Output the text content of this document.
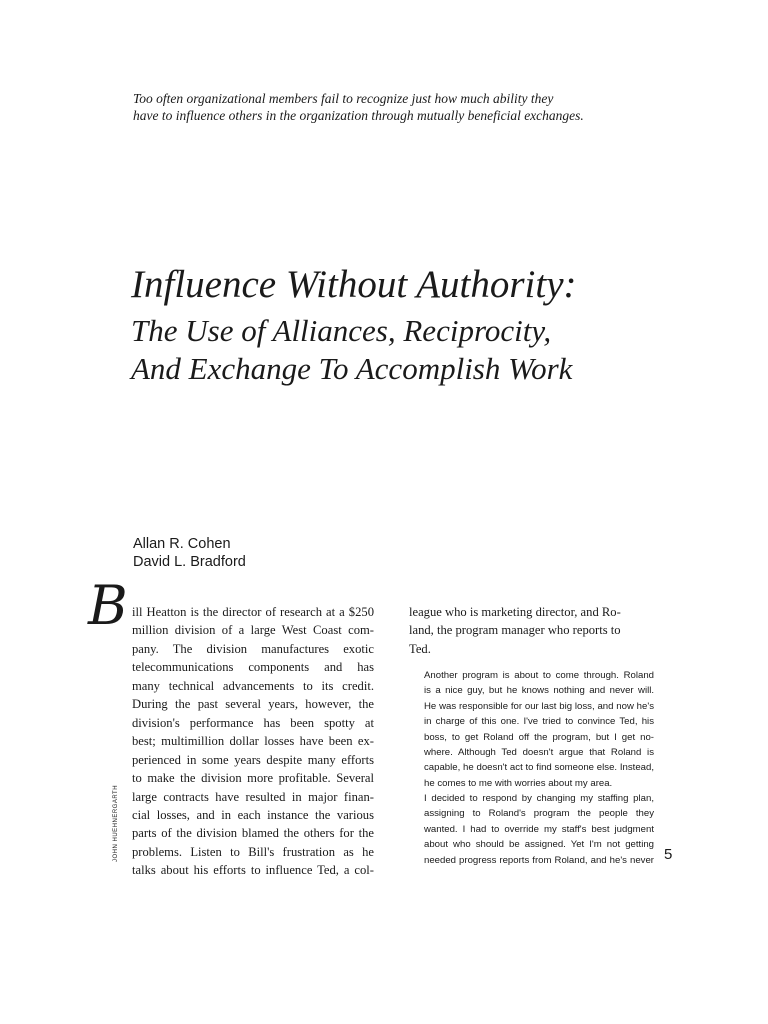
Too often organizational members fail to recognize just how much ability they
have to influence others in the organization through mutually beneficial exchanges.

Influence Without Authority:
The Use of Alliances, Reciprocity,
And Exchange To Accomplish Work
Allan R. Cohen
David L. Bradford
B ill Heatton is the director of research at a $250
million division of a large West Coast com-
pany. The division manufactures exotic
telecommunications components and has
many technical advancements to its credit.
During the past several years, however, the
division's performance has been spotty at
best; multimillion dollar losses have been ex-
perienced in some years despite many efforts
to make the division more profitable. Several
large contracts have resulted in major finan-
cial losses, and in each instance the various
parts of the division blamed the others for the
problems. Listen to Bill's frustration as he
talks about his efforts to influence Ted, a col-
league who is marketing director, and Ro-
land, the program manager who reports to
Ted.
Another program is about to come through. Roland
is a nice guy, but he knows nothing and never will.
He was responsible for our last big loss, and now he's
in charge of this one. I've tried to convince Ted, his
boss, to get Roland off the program, but I get no-
where. Although Ted doesn't argue that Roland is
capable, he doesn't act to find someone else. Instead,
he comes to me with worries about my area.
I decided to respond by changing my staffing plan,
assigning to Roland's program the people they
wanted. I had to override my staff's best judgment
about who should be assigned. Yet I'm not getting
needed progress reports from Roland, and he's never
JOHN HUEHNERGARTH	5
